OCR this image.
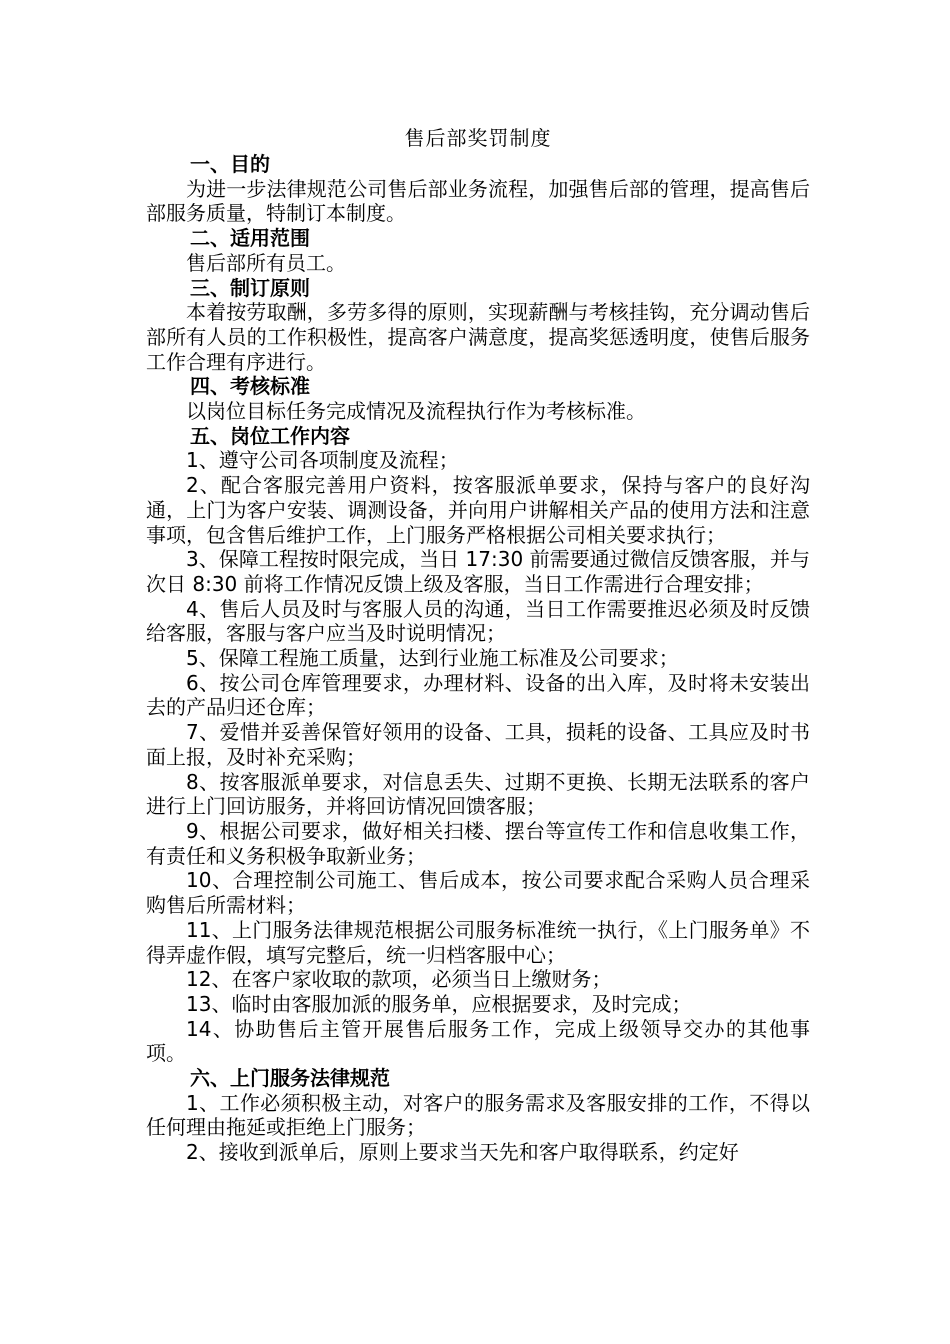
售后部奖罚制度
一、目的

为进一步法律规范公司售后部业务流程，加强售后部的管理，提高售后部服务质量，特制订本制度。

二、适用范围

售后部所有员工。

三、制订原则

本着按劳取酬，多劳多得的原则，实现薪酬与考核挂钩，充分调动售后部所有人员的工作积极性，提高客户满意度，提高奖惩透明度，使售后服务工作合理有序进行。

四、考核标准

以岗位目标任务完成情况及流程执行作为考核标准。

五、岗位工作内容

1、遵守公司各项制度及流程；

2、配合客服完善用户资料，按客服派单要求，保持与客户的良好沟通，上门为客户安装、调测设备，并向用户讲解相关产品的使用方法和注意事项，包含售后维护工作，上门服务严格根据公司相关要求执行；

3、保障工程按时限完成，当日 17:30 前需要通过微信反馈客服，并与次日 8:30 前将工作情况反馈上级及客服，当日工作需进行合理安排；

4、售后人员及时与客服人员的沟通，当日工作需要推迟必须及时反馈给客服，客服与客户应当及时说明情况；

5、保障工程施工质量，达到行业施工标准及公司要求；

6、按公司仓库管理要求，办理材料、设备的出入库，及时将未安装出去的产品归还仓库；

7、爱惜并妥善保管好领用的设备、工具，损耗的设备、工具应及时书面上报，及时补充采购；

8、按客服派单要求，对信息丢失、过期不更换、长期无法联系的客户进行上门回访服务，并将回访情况回馈客服；

9、根据公司要求，做好相关扫楼、摆台等宣传工作和信息收集工作，有责任和义务积极争取新业务；

10、合理控制公司施工、售后成本，按公司要求配合采购人员合理采购售后所需材料；

11、上门服务法律规范根据公司服务标准统一执行，《上门服务单》不得弄虚作假，填写完整后，统一归档客服中心；

12、在客户家收取的款项，必须当日上缴财务；

13、临时由客服加派的服务单，应根据要求，及时完成；

14、协助售后主管开展售后服务工作，完成上级领导交办的其他事项。

六、上门服务法律规范

1、工作必须积极主动，对客户的服务需求及客服安排的工作，不得以任何理由拖延或拒绝上门服务；

2、接收到派单后，原则上要求当天先和客户取得联系，约定好
